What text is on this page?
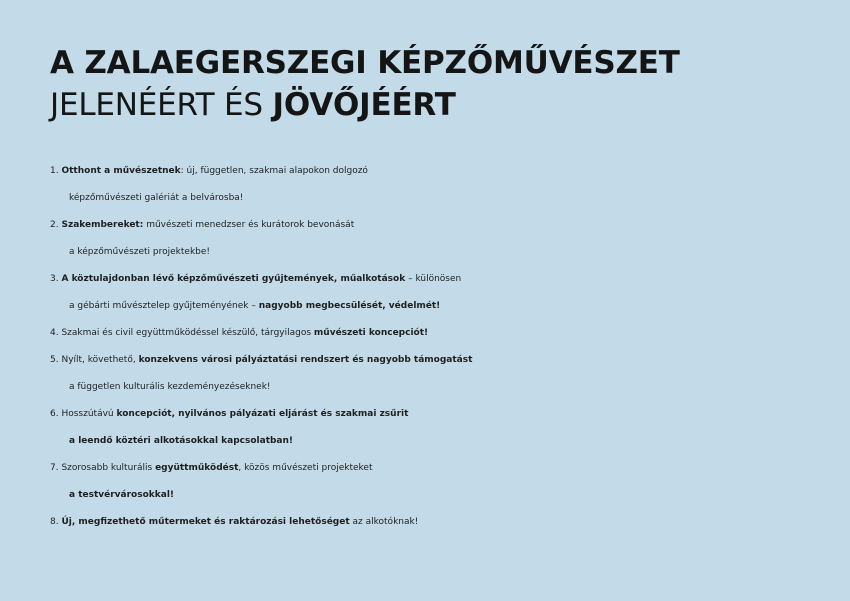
A ZALAEGERSZEGI KÉPZŐMŰVÉSZET
JELENÉÉRT ÉS JÖVŐJÉÉRT
1. Otthont a művészetnek: új, független, szakmai alapokon dolgozó
képzőművészeti galériát a belvárosba!
2. Szakembereket: művészeti menedzser és kurátorok bevonását
a képzőművészeti projektekbe!
3. A köztulajdonban lévő képzőművészeti gyűjtemények, műalkotások – különösen
a gébárti művésztelep gyűjteményének – nagyobb megbecsülését, védelmét!
4. Szakmai és civil együttműködéssel készülő, tárgyilagos művészeti koncepciót!
5. Nyílt, követhető, konzekvens városi pályáztatási rendszert és nagyobb támogatást
a független kulturális kezdeményezéseknek!
6. Hosszútávú koncepciót, nyilvános pályázati eljárást és szakmai zsűrit
a leendő köztéri alkotásokkal kapcsolatban!
7. Szorosabb kulturális együttműködést, közös művészeti projekteket
a testvérvárosokkal!
8. Új, megfizethető műtermeket és raktározási lehetőséget az alkotóknak!
